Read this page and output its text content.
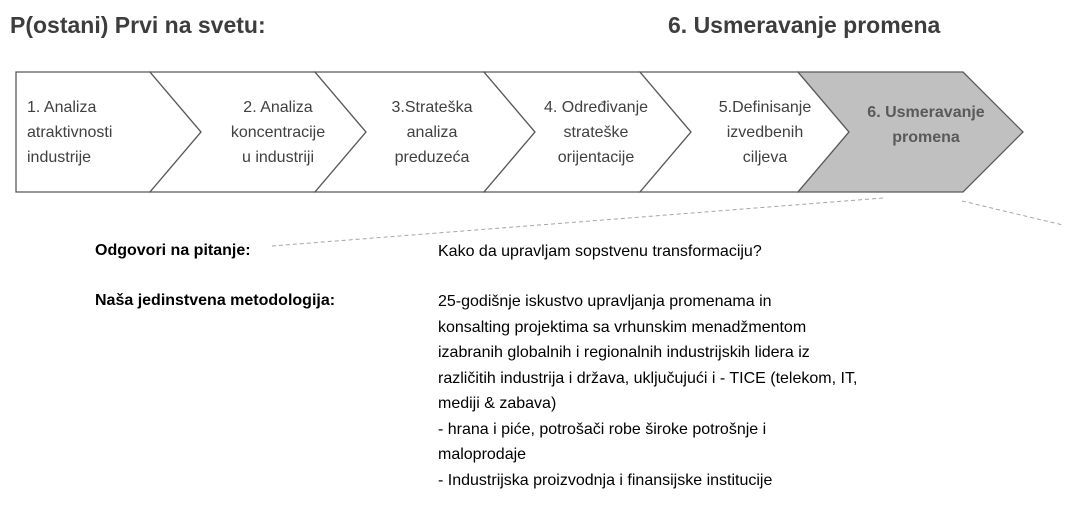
P(ostani) Prvi na svetu:	6. Usmeravanje promena
1. Analiza
atraktivnosti
industrije
2. Analiza
koncentracije
u industriji
3.Strateška
analiza
preduzeća
4. Određivanje
strateške
orijentacije
5.Definisanje
izvedbenih
ciljeva
6. Usmeravanje
promena
Odgovori na pitanje:	Kako da upravljam sopstvenu transformaciju?
Naša jedinstvena metodologija:	25-godišnje iskustvo upravljanja promenama in
konsalting projektima sa vrhunskim menadžmentom
izabranih globalnih i regionalnih industrijskih lidera iz
različitih industrija i država, uključujući i - TICE (telekom, IT,
mediji & zabava)
- hrana i piće, potrošači robe široke potrošnje i
maloprodaje
- Industrijska proizvodnja i finansijske institucije
